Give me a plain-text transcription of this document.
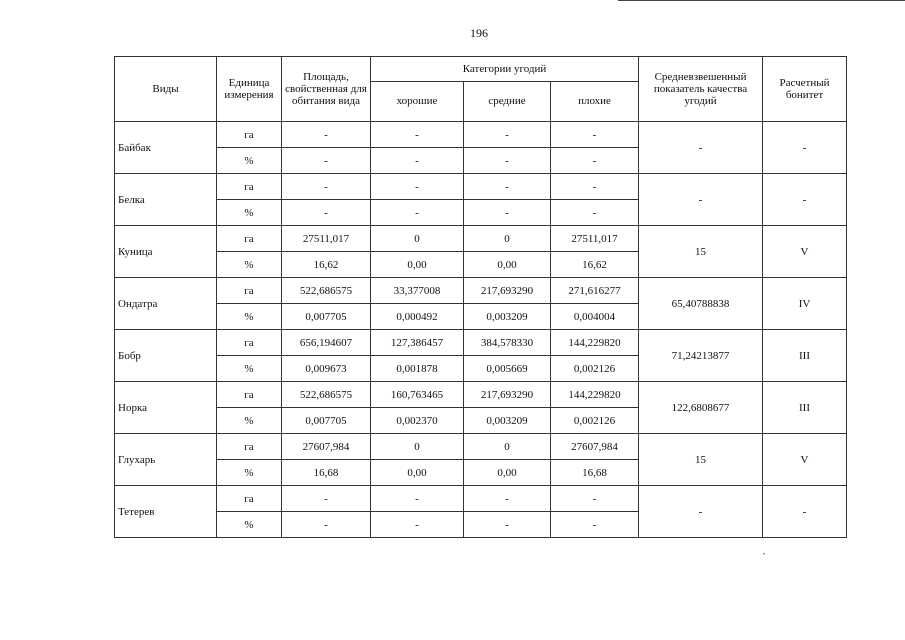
196
Виды	Единица измерения	Площадь, свойственная для обитания вида	Категории угодий			Средневзвешенный показатель качества угодий	Расчетный бонитет
			хорошие	средние	плохие		
Байбак	га	-	-	-	-	-	-
	%	-	-	-	-		
Белка	га	-	-	-	-	-	-
	%	-	-	-	-		
Куница	га	27511,017	0	0	27511,017	15	V
	%	16,62	0,00	0,00	16,62		
Ондатра	га	522,686575	33,377008	217,693290	271,616277	65,40788838	IV
	%	0,007705	0,000492	0,003209	0,004004		
Бобр	га	656,194607	127,386457	384,578330	144,229820	71,24213877	III
	%	0,009673	0,001878	0,005669	0,002126		
Норка	га	522,686575	160,763465	217,693290	144,229820	122,6808677	III
	%	0,007705	0,002370	0,003209	0,002126		
Глухарь	га	27607,984	0	0	27607,984	15	V
	%	16,68	0,00	0,00	16,68		
Тетерев	га	-	-	-	-	-	-
	%	-	-	-	-		
•
